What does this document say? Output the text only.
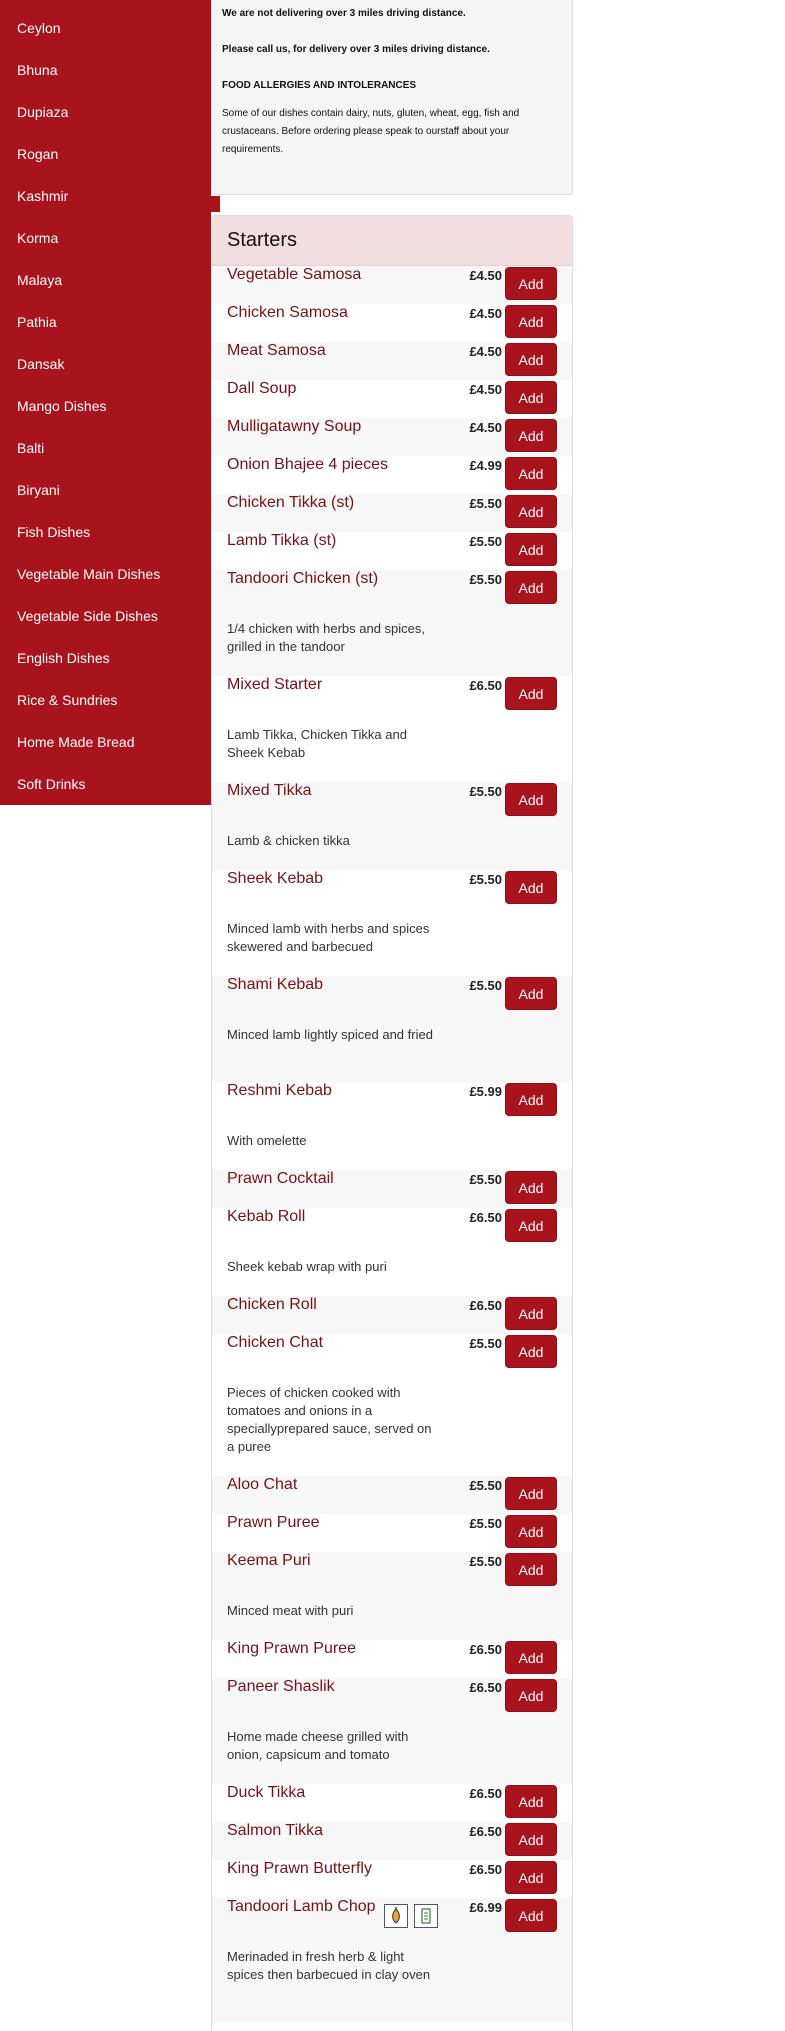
Ceylon
Bhuna
Dupiaza
Rogan
Kashmir
Korma
Malaya
Pathia
Dansak
Mango Dishes
Balti
Biryani
Fish Dishes
Vegetable Main Dishes
Vegetable Side Dishes
English Dishes
Rice & Sundries
Home Made Bread
Soft Drinks

We are not delivering over 3 miles driving distance.

Please call us, for delivery over 3 miles driving distance.

FOOD ALLERGIES AND INTOLERANCES

Some of our dishes contain dairy, nuts, gluten, wheat, egg, fish and crustaceans. Before ordering please speak to ourstaff about your requirements.

Starters
Vegetable Samosa	£4.50	Add
Chicken Samosa	£4.50	Add
Meat Samosa	£4.50	Add
Dall Soup	£4.50	Add
Mulligatawny Soup	£4.50	Add
Onion Bhajee 4 pieces	£4.99	Add
Chicken Tikka (st)	£5.50	Add
Lamb Tikka (st)	£5.50	Add
Tandoori Chicken (st)	£5.50	Add
1/4 chicken with herbs and spices, grilled in the tandoor
Mixed Starter	£6.50	Add
Lamb Tikka, Chicken Tikka and Sheek Kebab
Mixed Tikka	£5.50	Add
Lamb & chicken tikka
Sheek Kebab	£5.50	Add
Minced lamb with herbs and spices skewered and barbecued
Shami Kebab	£5.50	Add
Minced lamb lightly spiced and fried
Reshmi Kebab	£5.99	Add
With omelette
Prawn Cocktail	£5.50	Add
Kebab Roll	£6.50	Add
Sheek kebab wrap with puri
Chicken Roll	£6.50	Add
Chicken Chat	£5.50	Add
Pieces of chicken cooked with tomatoes and onions in a speciallyprepared sauce, served on a puree
Aloo Chat	£5.50	Add
Prawn Puree	£5.50	Add
Keema Puri	£5.50	Add
Minced meat with puri
King Prawn Puree	£6.50	Add
Paneer Shaslik	£6.50	Add
Home made cheese grilled with onion, capsicum and tomato
Duck Tikka	£6.50	Add
Salmon Tikka	£6.50	Add
King Prawn Butterfly	£6.50	Add
Tandoori Lamb Chop	£6.99	Add
Merinaded in fresh herb & light spices then barbecued in clay oven
